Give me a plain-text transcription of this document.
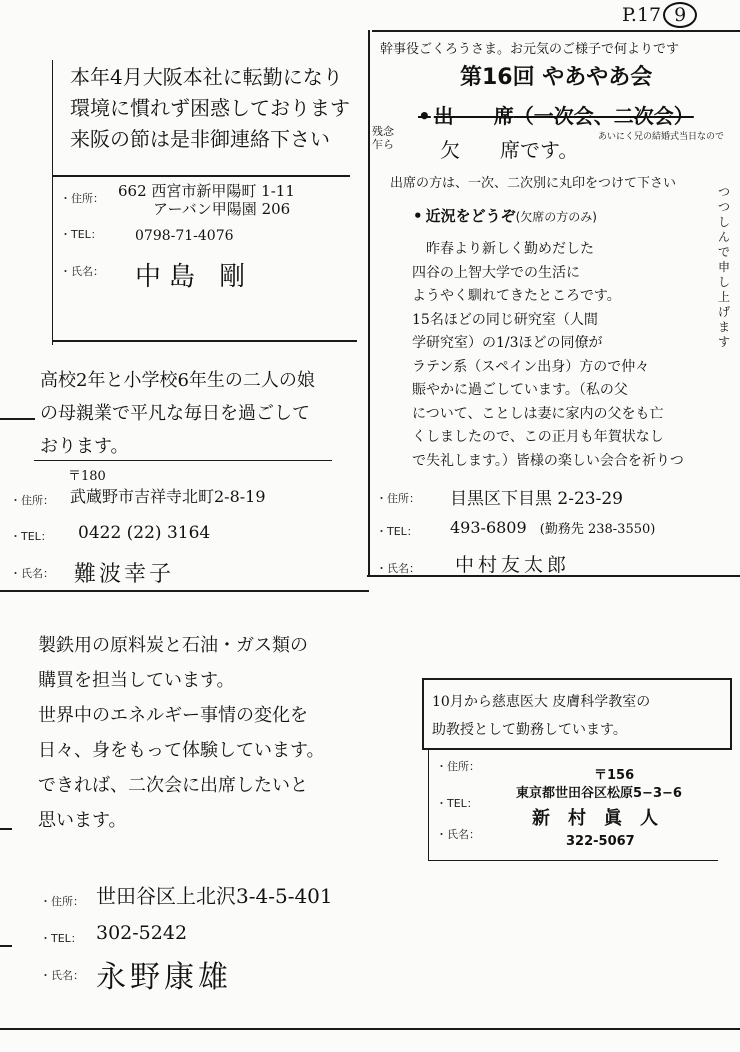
P.17 9
本年4月大阪本社に転勤になり
環境に慣れず困惑しております
来阪の節は是非御連絡下さい
・住所： 662 西宮市新甲陽町 1-11
アーバン甲陽園 206
・TEL： 0798-71-4076
・氏名： 中島 剛
幹事役ごくろうさま。お元気のご様子で何よりです
第16回 やあやあ会
• 出　　席（一次会、二次会）
残念乍ら	欠　　席です。
あいにく兄の結婚式当日なので
出席の方は、一次、二次別に丸印をつけて下さい
• 近況をどうぞ(欠席の方のみ)
昨春より新しく勤めだした
四谷の上智大学での生活に
ようやく馴れてきたところです。
15名ほどの同じ研究室（人間
学研究室）の1/3ほどの同僚が
ラテン系（スペイン出身）方ので仲々
賑やかに過ごしています。（私の父
について、ことしは妻に家内の父をも亡
くしましたので、この正月も年賀状なし
で失礼します。）皆様の楽しい会合を祈りつ
つつしんで申し上げます
・住所： 目黒区下目黒 2-23-29
・TEL： 493-6809 (勤務先 238-3550)
・氏名： 中村友太郎
高校2年と小学校6年生の二人の娘
の母親業で平凡な毎日を過ごして
おります。
〒180
・住所： 武蔵野市吉祥寺北町2-8-19
・TEL： 0422 (22) 3164
・氏名： 難波幸子
製鉄用の原料炭と石油・ガス類の
購買を担当しています。
世界中のエネルギー事情の変化を
日々、身をもって体験しています。
できれば、二次会に出席したいと
思います。
・住所： 世田谷区上北沢3-4-5-401
・TEL： 302-5242
・氏名： 永野康雄
10月から慈恵医大 皮膚科学教室の
助教授として勤務しています。
・住所：
〒156
・TEL：
東京都世田谷区松原5−3−6
・氏名：
新　村　眞　人
322-5067
